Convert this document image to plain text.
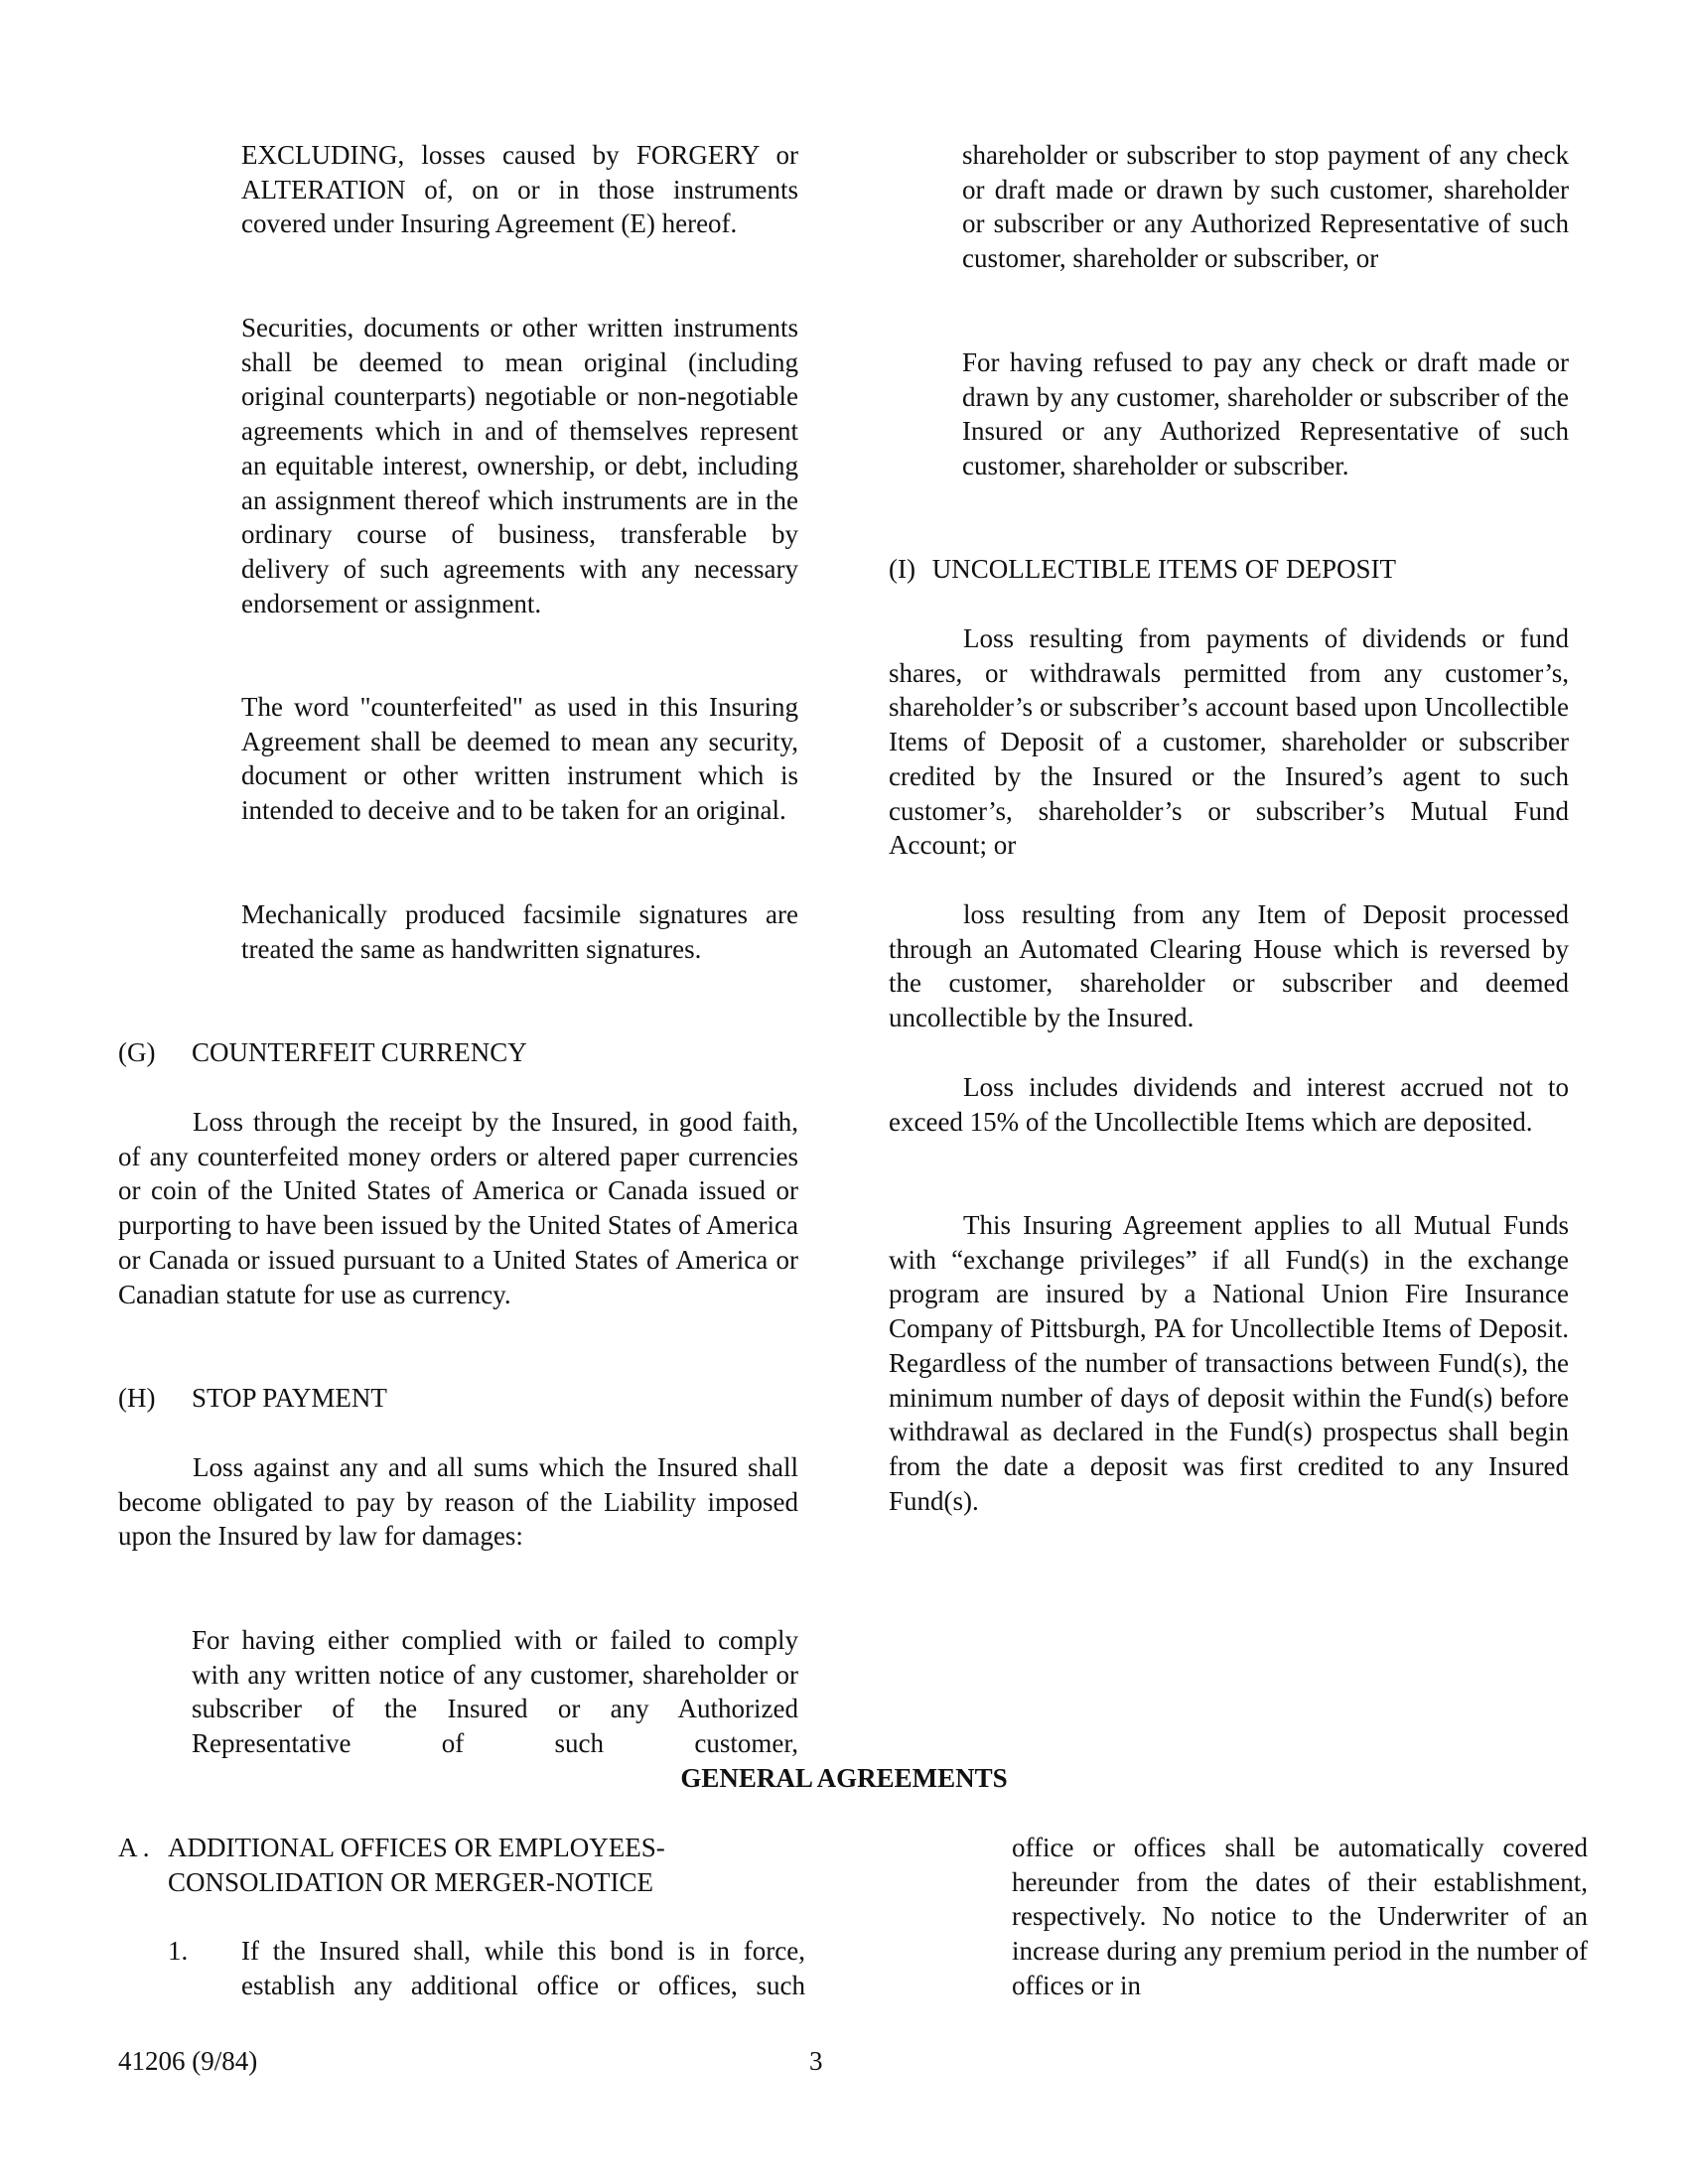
EXCLUDING, losses caused by FORGERY or ALTERATION of, on or in those instruments covered under Insuring Agreement (E) hereof.

Securities, documents or other written instruments shall be deemed to mean original (including original counterparts) negotiable or non-negotiable agreements which in and of themselves represent an equitable interest, ownership, or debt, including an assignment thereof which instruments are in the ordinary course of business, transferable by delivery of such agreements with any necessary endorsement or assignment.

The word "counterfeited" as used in this Insuring Agreement shall be deemed to mean any security, document or other written instrument which is intended to deceive and to be taken for an original.

Mechanically produced facsimile signatures are treated the same as handwritten signatures.

(G) COUNTERFEIT CURRENCY

Loss through the receipt by the Insured, in good faith, of any counterfeited money orders or altered paper currencies or coin of the United States of America or Canada issued or purporting to have been issued by the United States of America or Canada or issued pursuant to a United States of America or Canadian statute for use as currency.

(H) STOP PAYMENT

Loss against any and all sums which the Insured shall become obligated to pay by reason of the Liability imposed upon the Insured by law for damages:

For having either complied with or failed to comply with any written notice of any customer, shareholder or subscriber of the Insured or any Authorized Representative of such customer,

shareholder or subscriber to stop payment of any check or draft made or drawn by such customer, shareholder or subscriber or any Authorized Representative of such customer, shareholder or subscriber, or

For having refused to pay any check or draft made or drawn by any customer, shareholder or subscriber of the Insured or any Authorized Representative of such customer, shareholder or subscriber.

(I) UNCOLLECTIBLE ITEMS OF DEPOSIT

Loss resulting from payments of dividends or fund shares, or withdrawals permitted from any customer’s, shareholder’s or subscriber’s account based upon Uncollectible Items of Deposit of a customer, shareholder or subscriber credited by the Insured or the Insured’s agent to such customer’s, shareholder’s or subscriber’s Mutual Fund Account; or

loss resulting from any Item of Deposit processed through an Automated Clearing House which is reversed by the customer, shareholder or subscriber and deemed uncollectible by the Insured.

Loss includes dividends and interest accrued not to exceed 15% of the Uncollectible Items which are deposited.

This Insuring Agreement applies to all Mutual Funds with “exchange privileges” if all Fund(s) in the exchange program are insured by a National Union Fire Insurance Company of Pittsburgh, PA for Uncollectible Items of Deposit. Regardless of the number of transactions between Fund(s), the minimum number of days of deposit within the Fund(s) before withdrawal as declared in the Fund(s) prospectus shall begin from the date a deposit was first credited to any Insured Fund(s).

GENERAL AGREEMENTS
A . ADDITIONAL OFFICES OR EMPLOYEES-
CONSOLIDATION OR MERGER-NOTICE
1. If the Insured shall, while this bond is in force, establish any additional office or offices, such

office or offices shall be automatically covered hereunder from the dates of their establishment, respectively. No notice to the Underwriter of an increase during any premium period in the number of offices or in

41206 (9/84)	3
